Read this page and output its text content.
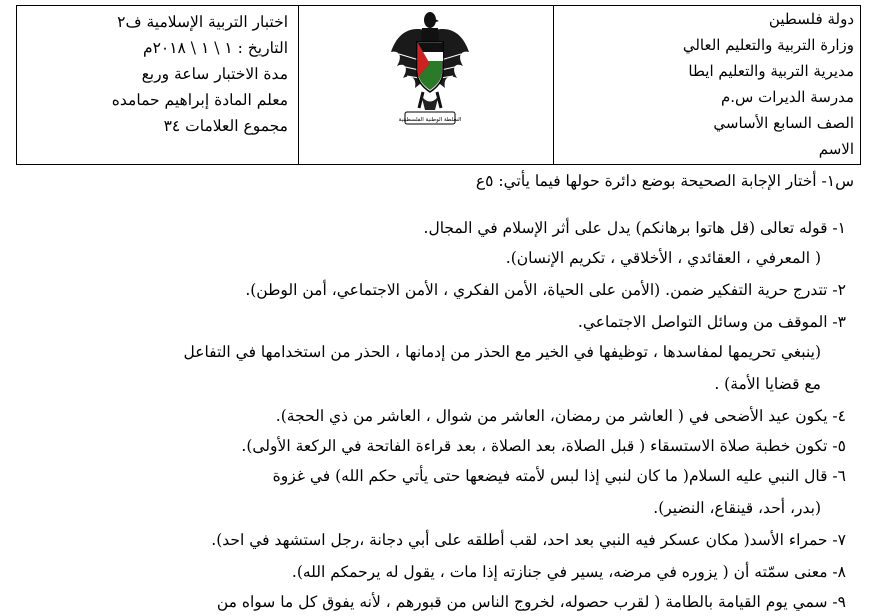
دولة فلسطين
وزارة التربية والتعليم العالي
مديرية التربية والتعليم ايطا
مدرسة الديرات س.م
الصف السابع الأساسي
الاسم
السلطة الوطنية الفلسطينية
اختبار التربية الإسلامية ف٢
التاريخ : ١ \ ١ \ ٢٠١٨م
مدة الاختبار ساعة وربع
معلم المادة إبراهيم حمامده
مجموع العلامات ٣٤
س١- أختار الإجابة الصحيحة بوضع دائرة حولها فيما يأتي: ٥ع
١- قوله تعالى (قل هاتوا برهانكم) يدل على أثر الإسلام في المجال.
( المعرفي ، العقائدي ، الأخلاقي ، تكريم الإنسان).
٢- تتدرج حرية التفكير ضمن. (الأمن على الحياة، الأمن الفكري ، الأمن الاجتماعي، أمن الوطن).
٣- الموقف من وسائل التواصل الاجتماعي.
(ينبغي تحريمها لمفاسدها ، توظيفها في الخير مع الحذر من إدمانها ، الحذر من استخدامها في التفاعل
مع قضايا الأمة) .
٤- يكون عيد الأضحى في ( العاشر من رمضان، العاشر من شوال ، العاشر من ذي الحجة).
٥- تكون خطبة صلاة الاستسقاء ( قبل الصلاة، بعد الصلاة ، بعد قراءة الفاتحة في الركعة الأولى).
٦- قال النبي عليه السلام( ما كان لنبي إذا لبس لأمته فيضعها حتى يأتي حكم الله) في غزوة
(بدر، أحد، قينقاع، النضير).
٧- حمراء الأسد( مكان عسكر فيه النبي بعد احد، لقب أطلقه على أبي دجانة ،رجل استشهد في احد).
٨- معنى سمّته أن ( يزوره في مرضه، يسير في جنازته إذا مات ، يقول له يرحمكم الله).
٩- سمي يوم القيامة بالطامة ( لقرب حصوله، لخروج الناس من قبورهم ، لأنه يفوق كل ما سواه من
